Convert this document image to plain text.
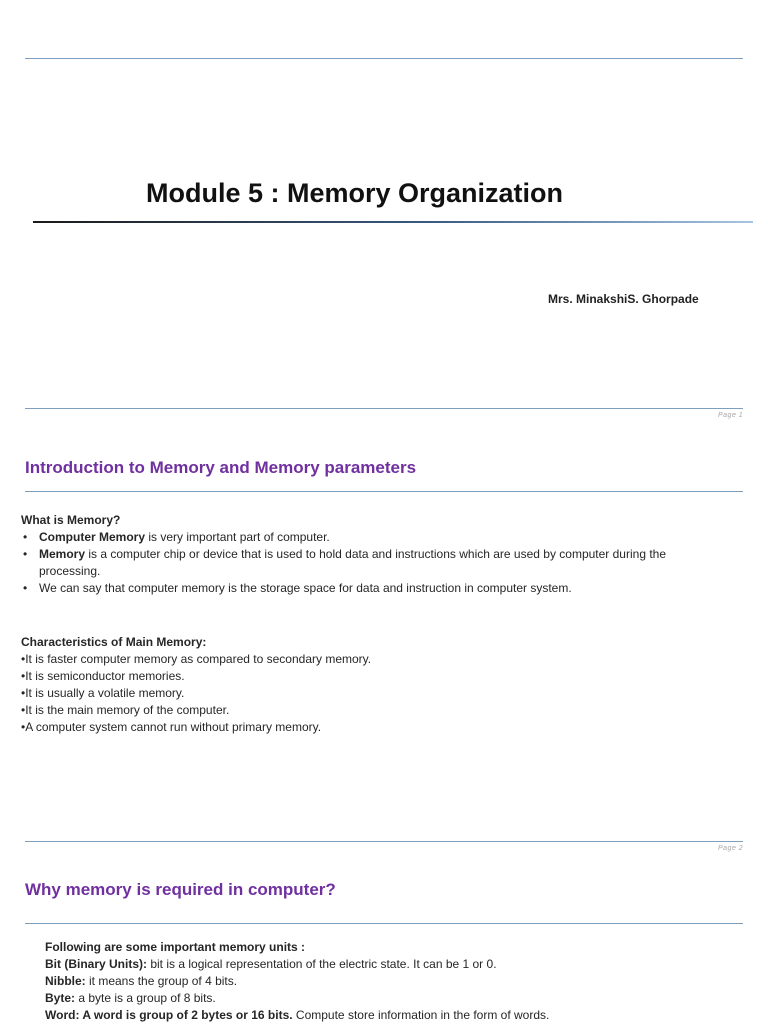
Module 5 : Memory Organization
Mrs. MinakshiS. Ghorpade
Page 1
Introduction to Memory and Memory parameters
What is Memory?
• Computer Memory is very important part of computer.
• Memory is a computer chip or device that is used to hold data and instructions which are used by computer during the
processing.
• We can say that computer memory is the storage space for data and instruction in computer system.
Characteristics of Main Memory:
•It is faster computer memory as compared to secondary memory.
•It is semiconductor memories.
•It is usually a volatile memory.
•It is the main memory of the computer.
•A computer system cannot run without primary memory.
Page 2
Why memory is required in computer?
Following are some important memory units :
Bit (Binary Units): bit is a logical representation of the electric state. It can be 1 or 0.
Nibble: it means the group of 4 bits.
Byte: a byte is a group of 8 bits.
Word: A word is group of 2 bytes or 16 bits. Compute store information in the form of words.
